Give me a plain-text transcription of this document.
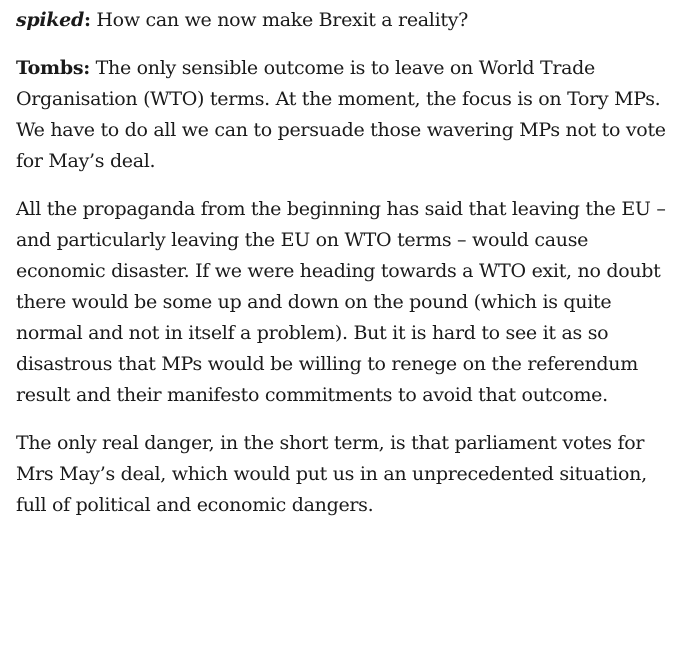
spiked: How can we now make Brexit a reality?

Tombs: The only sensible outcome is to leave on World Trade Organisation (WTO) terms. At the moment, the focus is on Tory MPs. We have to do all we can to persuade those wavering MPs not to vote for May’s deal.

All the propaganda from the beginning has said that leaving the EU – and particularly leaving the EU on WTO terms – would cause economic disaster. If we were heading towards a WTO exit, no doubt there would be some up and down on the pound (which is quite normal and not in itself a problem). But it is hard to see it as so disastrous that MPs would be willing to renege on the referendum result and their manifesto commitments to avoid that outcome.

The only real danger, in the short term, is that parliament votes for Mrs May’s deal, which would put us in an unprecedented situation, full of political and economic dangers.
